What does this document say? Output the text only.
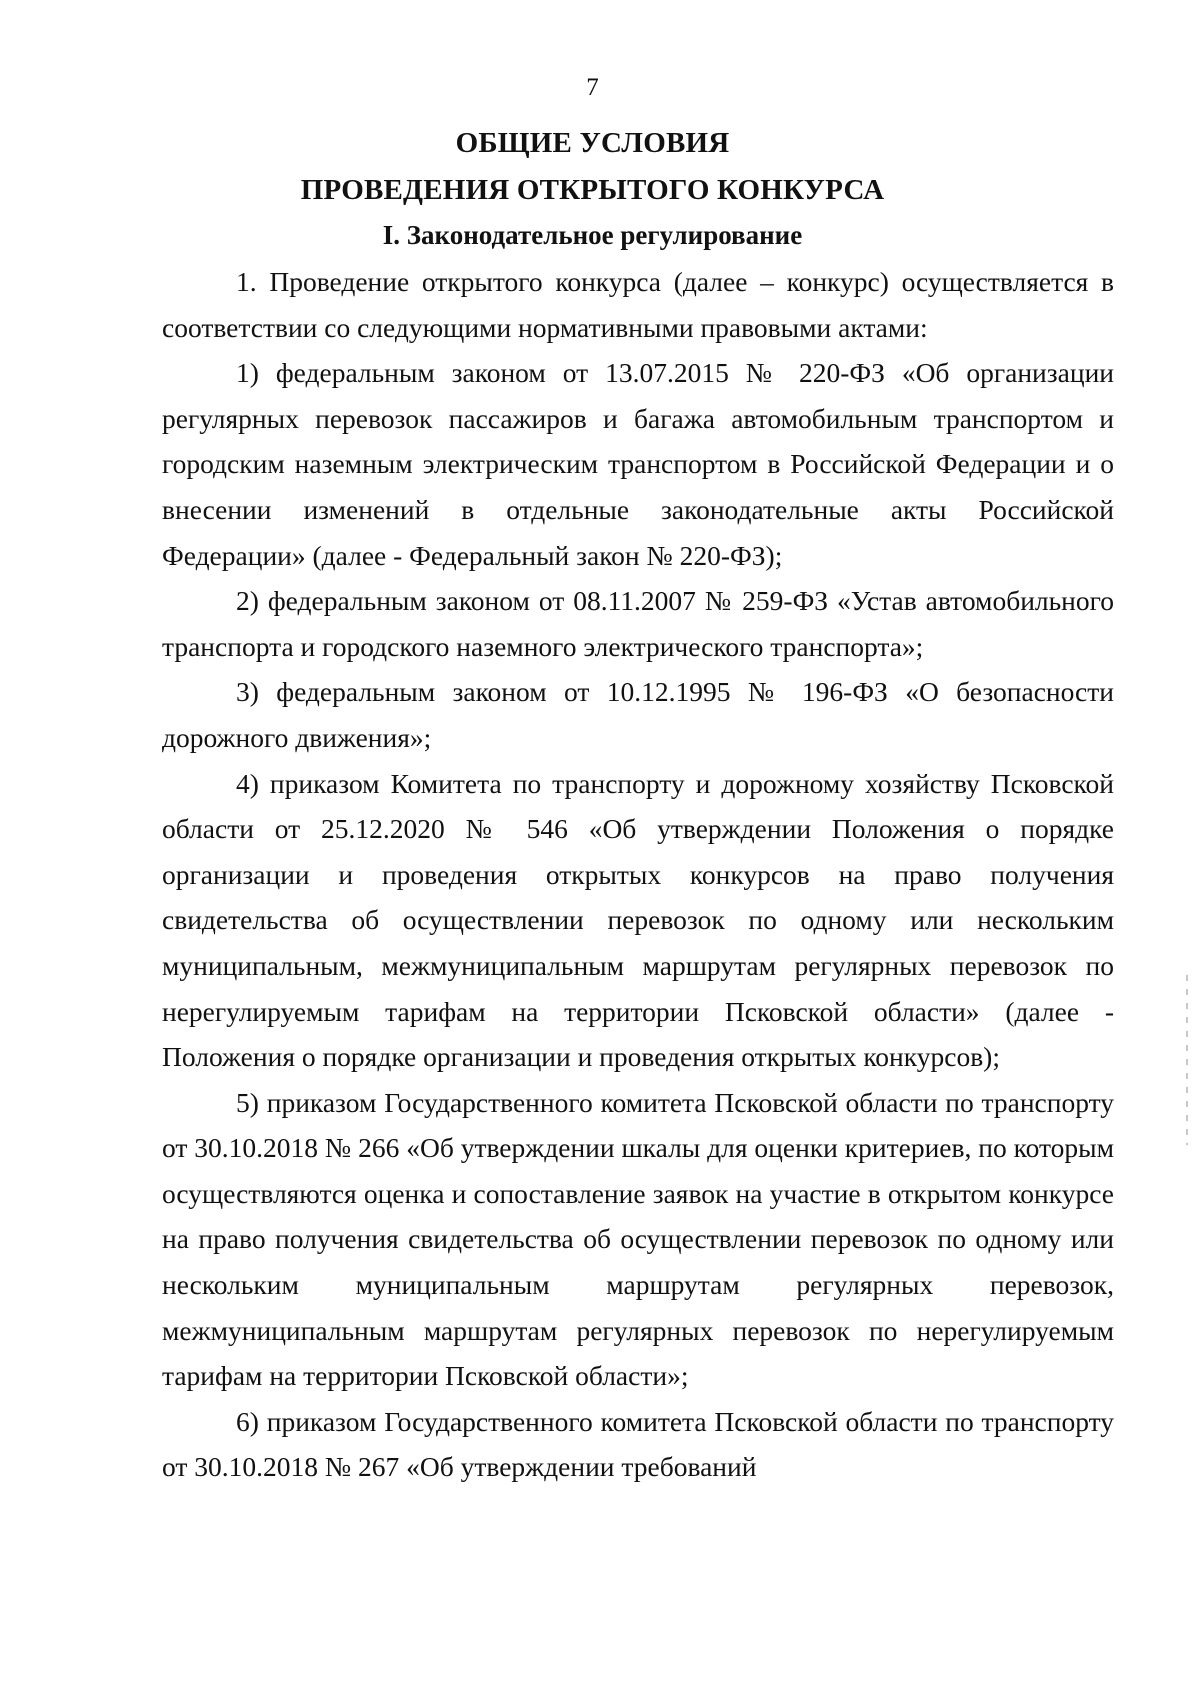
7
ОБЩИЕ УСЛОВИЯ
ПРОВЕДЕНИЯ ОТКРЫТОГО КОНКУРСА
I. Законодательное регулирование

1. Проведение открытого конкурса (далее – конкурс) осуществляется в соответствии со следующими нормативными правовыми актами:

1) федеральным законом от 13.07.2015 № 220-ФЗ «Об организации регулярных перевозок пассажиров и багажа автомобильным транспортом и городским наземным электрическим транспортом в Российской Федерации и о внесении изменений в отдельные законодательные акты Российской Федерации» (далее - Федеральный закон № 220-ФЗ);

2) федеральным законом от 08.11.2007 № 259-ФЗ «Устав автомобильного транспорта и городского наземного электрического транспорта»;

3) федеральным законом от 10.12.1995 № 196-ФЗ «О безопасности дорожного движения»;

4) приказом Комитета по транспорту и дорожному хозяйству Псковской области от 25.12.2020 № 546 «Об утверждении Положения о порядке организации и проведения открытых конкурсов на право получения свидетельства об осуществлении перевозок по одному или нескольким муниципальным, межмуниципальным маршрутам регулярных перевозок по нерегулируемым тарифам на территории Псковской области» (далее - Положения о порядке организации и проведения открытых конкурсов);

5) приказом Государственного комитета Псковской области по транспорту от 30.10.2018 № 266 «Об утверждении шкалы для оценки критериев, по которым осуществляются оценка и сопоставление заявок на участие в открытом конкурсе на право получения свидетельства об осуществлении перевозок по одному или нескольким муниципальным маршрутам регулярных перевозок, межмуниципальным маршрутам регулярных перевозок по нерегулируемым тарифам на территории Псковской области»;

6) приказом Государственного комитета Псковской области по транспорту от 30.10.2018 № 267 «Об утверждении требований
